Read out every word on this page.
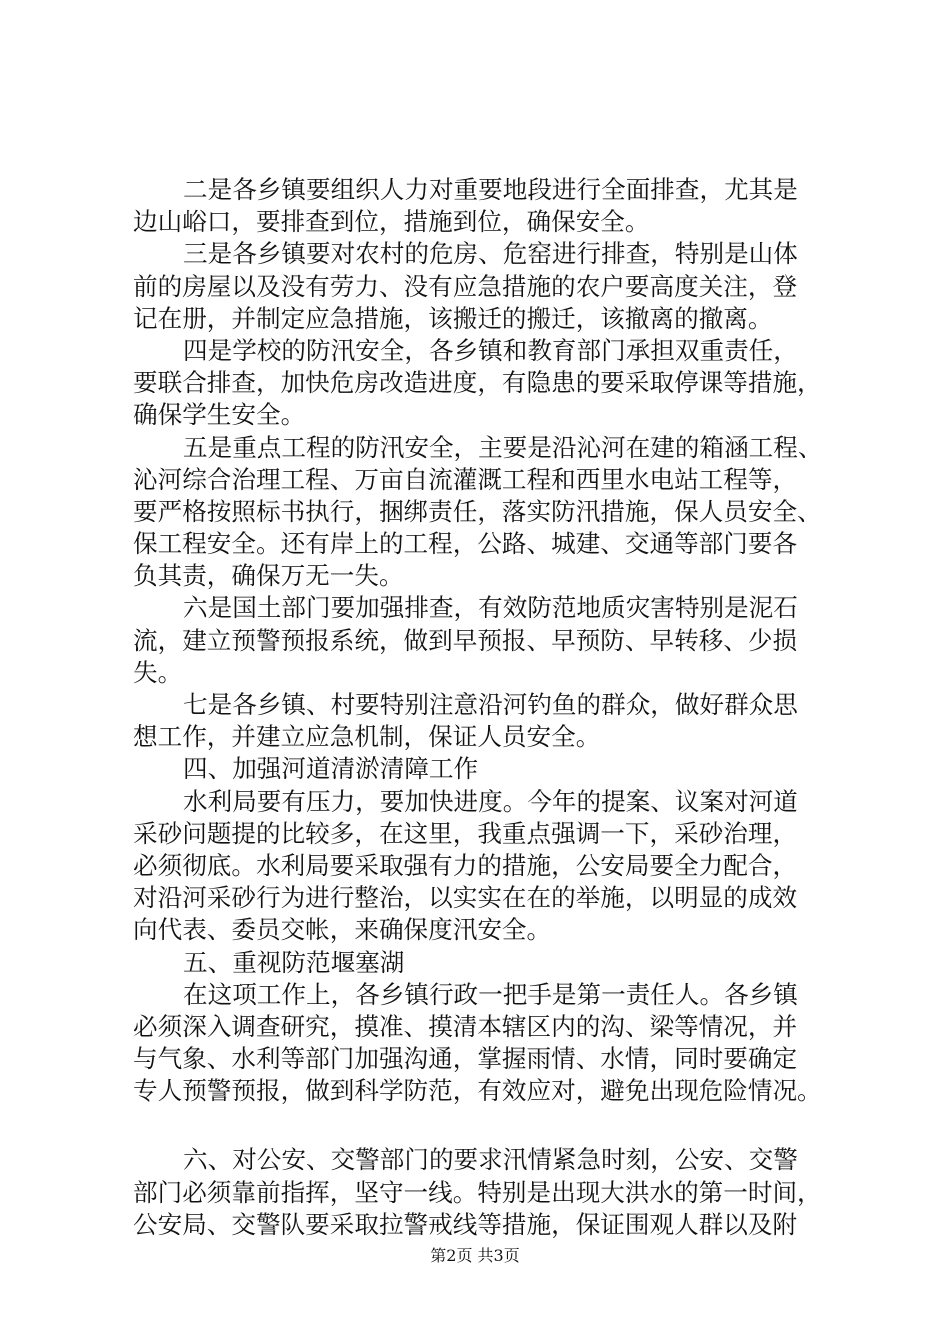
二是各乡镇要组织人力对重要地段进行全面排查，尤其是
边山峪口，要排查到位，措施到位，确保安全。
三是各乡镇要对农村的危房、危窑进行排查，特别是山体
前的房屋以及没有劳力、没有应急措施的农户要高度关注，登
记在册，并制定应急措施，该搬迁的搬迁，该撤离的撤离。
四是学校的防汛安全，各乡镇和教育部门承担双重责任，
要联合排查，加快危房改造进度，有隐患的要采取停课等措施，
确保学生安全。
五是重点工程的防汛安全，主要是沿沁河在建的箱涵工程、
沁河综合治理工程、万亩自流灌溉工程和西里水电站工程等，
要严格按照标书执行，捆绑责任，落实防汛措施，保人员安全、
保工程安全。还有岸上的工程，公路、城建、交通等部门要各
负其责，确保万无一失。
六是国土部门要加强排查，有效防范地质灾害特别是泥石
流，建立预警预报系统，做到早预报、早预防、早转移、少损
失。
七是各乡镇、村要特别注意沿河钓鱼的群众，做好群众思
想工作，并建立应急机制，保证人员安全。
四、加强河道清淤清障工作
水利局要有压力，要加快进度。今年的提案、议案对河道
采砂问题提的比较多，在这里，我重点强调一下，采砂治理，
必须彻底。水利局要采取强有力的措施，公安局要全力配合，
对沿河采砂行为进行整治，以实实在在的举施，以明显的成效
向代表、委员交帐，来确保度汛安全。
五、重视防范堰塞湖
在这项工作上，各乡镇行政一把手是第一责任人。各乡镇
必须深入调查研究，摸准、摸清本辖区内的沟、梁等情况，并
与气象、水利等部门加强沟通，掌握雨情、水情，同时要确定
专人预警预报，做到科学防范，有效应对，避免出现危险情况。
六、对公安、交警部门的要求汛情紧急时刻，公安、交警
部门必须靠前指挥，坚守一线。特别是出现大洪水的第一时间，
公安局、交警队要采取拉警戒线等措施，保证围观人群以及附
第2页 共3页
